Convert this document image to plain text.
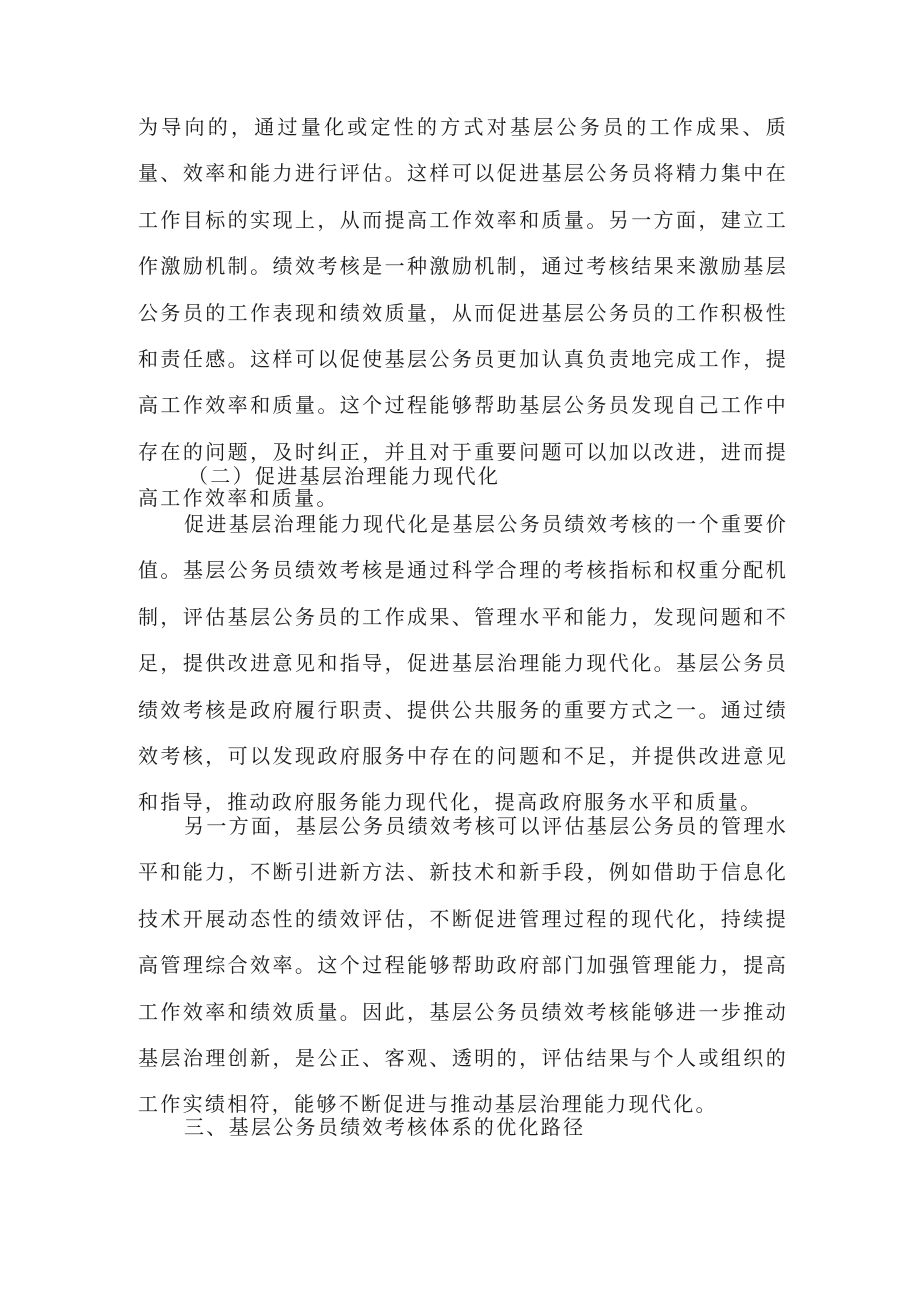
为导向的，通过量化或定性的方式对基层公务员的工作成果、质量、效率和能力进行评估。这样可以促进基层公务员将精力集中在工作目标的实现上，从而提高工作效率和质量。另一方面，建立工作激励机制。绩效考核是一种激励机制，通过考核结果来激励基层公务员的工作表现和绩效质量，从而促进基层公务员的工作积极性和责任感。这样可以促使基层公务员更加认真负责地完成工作，提高工作效率和质量。这个过程能够帮助基层公务员发现自己工作中存在的问题，及时纠正，并且对于重要问题可以加以改进，进而提高工作效率和质量。

（二）促进基层治理能力现代化

促进基层治理能力现代化是基层公务员绩效考核的一个重要价值。基层公务员绩效考核是通过科学合理的考核指标和权重分配机制，评估基层公务员的工作成果、管理水平和能力，发现问题和不足，提供改进意见和指导，促进基层治理能力现代化。基层公务员绩效考核是政府履行职责、提供公共服务的重要方式之一。通过绩效考核，可以发现政府服务中存在的问题和不足，并提供改进意见和指导，推动政府服务能力现代化，提高政府服务水平和质量。

另一方面，基层公务员绩效考核可以评估基层公务员的管理水平和能力，不断引进新方法、新技术和新手段，例如借助于信息化技术开展动态性的绩效评估，不断促进管理过程的现代化，持续提高管理综合效率。这个过程能够帮助政府部门加强管理能力，提高工作效率和绩效质量。因此，基层公务员绩效考核能够进一步推动基层治理创新，是公正、客观、透明的，评估结果与个人或组织的工作实绩相符，能够不断促进与推动基层治理能力现代化。

三、基层公务员绩效考核体系的优化路径
